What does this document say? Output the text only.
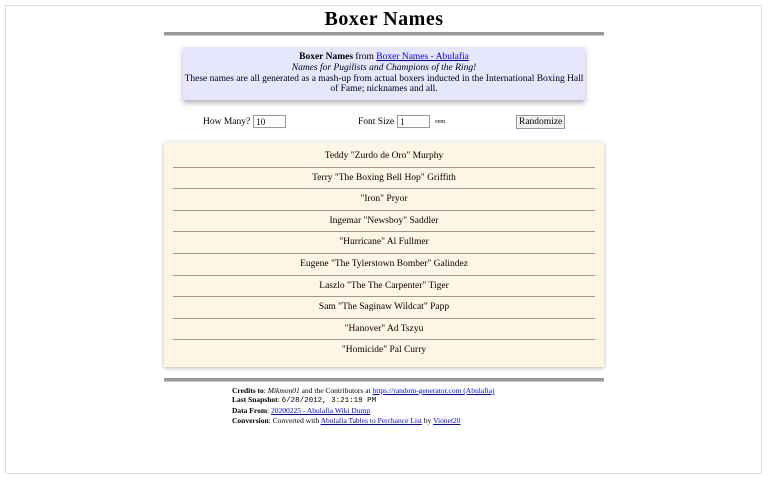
Boxer Names
Boxer Names from Boxer Names - Abulafia
Names for Pugilists and Champions of the Ring!
These names are all generated as a mash-up from actual boxers inducted in the International Boxing Hall of Fame; nicknames and all.
How Many?
10	Font Size
1	rem	Randomize
Teddy "Zurdo de Oro" Murphy
Terry "The Boxing Bell Hop" Griffith
"Iron" Pryor
Ingemar "Newsboy" Saddler
"Hurricane" Al Fullmer
Eugene "The Tylerstown Bomber" Galindez
Laszlo "The The Carpenter" Tiger
Sam "The Saginaw Wildcat" Papp
"Hanover" Ad Tszyu
"Homicide" Pal Curry
Credits to: Mikmon01 and the Contributors at https://random-generator.com (Abulafia)
Last Snapshot: 6/28/2012, 3:21:19 PM
Data From: 20200225 - Abulafia Wiki Dump
Conversion: Converted with Abulafia Tables to Perchance List by Vionet20
